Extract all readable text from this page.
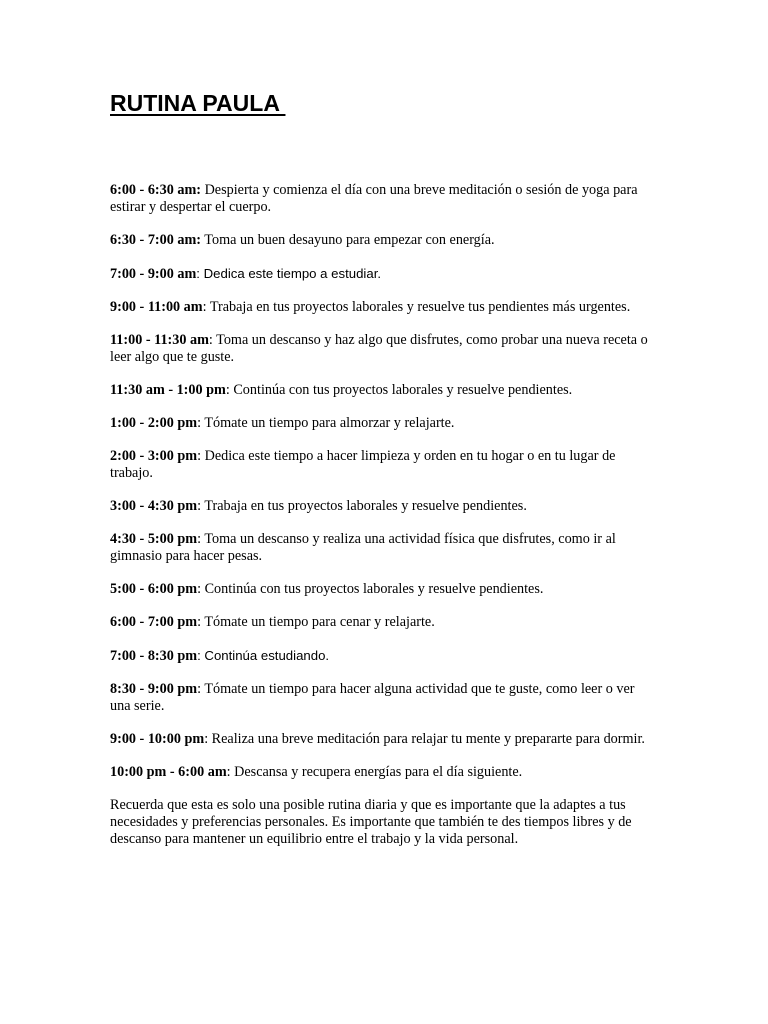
RUTINA PAULA

6:00 - 6:30 am: Despierta y comienza el día con una breve meditación o sesión de yoga para estirar y despertar el cuerpo.

6:30 - 7:00 am: Toma un buen desayuno para empezar con energía.

7:00 - 9:00 am: Dedica este tiempo a estudiar.

9:00 - 11:00 am: Trabaja en tus proyectos laborales y resuelve tus pendientes más urgentes.

11:00 - 11:30 am: Toma un descanso y haz algo que disfrutes, como probar una nueva receta o leer algo que te guste.

11:30 am - 1:00 pm: Continúa con tus proyectos laborales y resuelve pendientes.

1:00 - 2:00 pm: Tómate un tiempo para almorzar y relajarte.

2:00 - 3:00 pm: Dedica este tiempo a hacer limpieza y orden en tu hogar o en tu lugar de trabajo.

3:00 - 4:30 pm: Trabaja en tus proyectos laborales y resuelve pendientes.

4:30 - 5:00 pm: Toma un descanso y realiza una actividad física que disfrutes, como ir al gimnasio para hacer pesas.

5:00 - 6:00 pm: Continúa con tus proyectos laborales y resuelve pendientes.

6:00 - 7:00 pm: Tómate un tiempo para cenar y relajarte.

7:00 - 8:30 pm: Continúa estudiando.

8:30 - 9:00 pm: Tómate un tiempo para hacer alguna actividad que te guste, como leer o ver una serie.

9:00 - 10:00 pm: Realiza una breve meditación para relajar tu mente y prepararte para dormir.

10:00 pm - 6:00 am: Descansa y recupera energías para el día siguiente.

Recuerda que esta es solo una posible rutina diaria y que es importante que la adaptes a tus necesidades y preferencias personales. Es importante que también te des tiempos libres y de descanso para mantener un equilibrio entre el trabajo y la vida personal.
